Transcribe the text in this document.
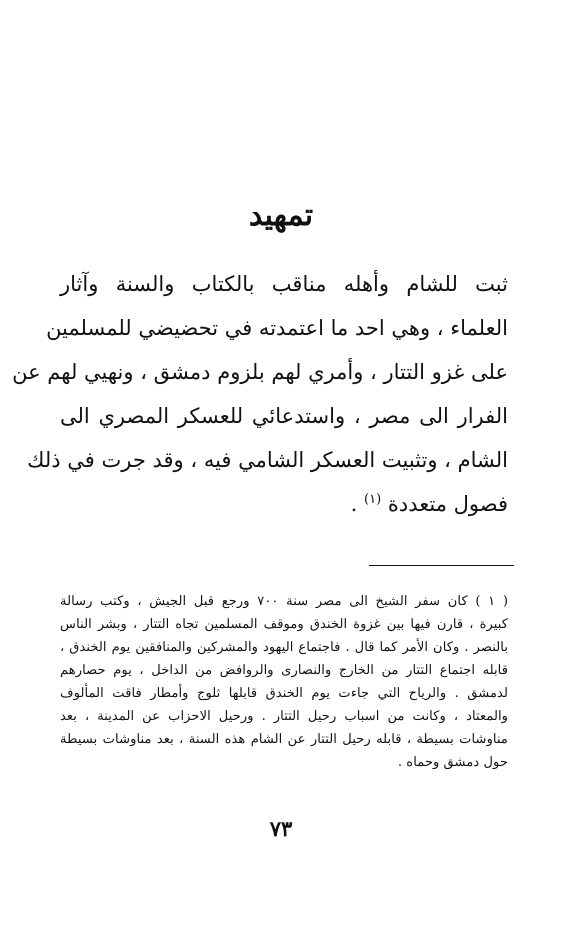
تمهيد
ثبت للشام وأهله مناقب بالكتاب والسنة وآثار
العلماء ، وهي احد ما اعتمدته في تحضيضي للمسلمين
على غزو التتار ، وأمري لهم بلزوم دمشق ، ونهيي لهم عن
الفرار الى مصر ، واستدعائي للعسكر المصري الى
الشام ، وتثبيت العسكر الشامي فيه ، وقد جرت في ذلك
فصول متعددة $^{(١)}$ .
( ١ ) كان سفر الشيخ الى مصر سنة ٧٠٠ ورجع قبل الجيش ، وكتب رسالة
كبيرة ، قارن فيها بين غزوة الخندق وموقف المسلمين تجاه التتار ، وبشر الناس
بالنصر . وكان الأمر كما قال . فاجتماع اليهود والمشركين والمنافقين يوم الخندق ،
قابله اجتماع التتار من الخارج والنصارى والروافض من الداخل ، يوم حصارهم
لدمشق . والرياح التي جاءت يوم الخندق قابلها ثلوج وأمطار فاقت المألوف
والمعتاد ، وكانت من اسباب رحيل التتار . ورحيل الاحزاب عن المدينة ، بعد
مناوشات بسيطة ، قابله رحيل التتار عن الشام هذه السنة ، بعد مناوشات بسيطة
حول دمشق وحماه .
٧٣
